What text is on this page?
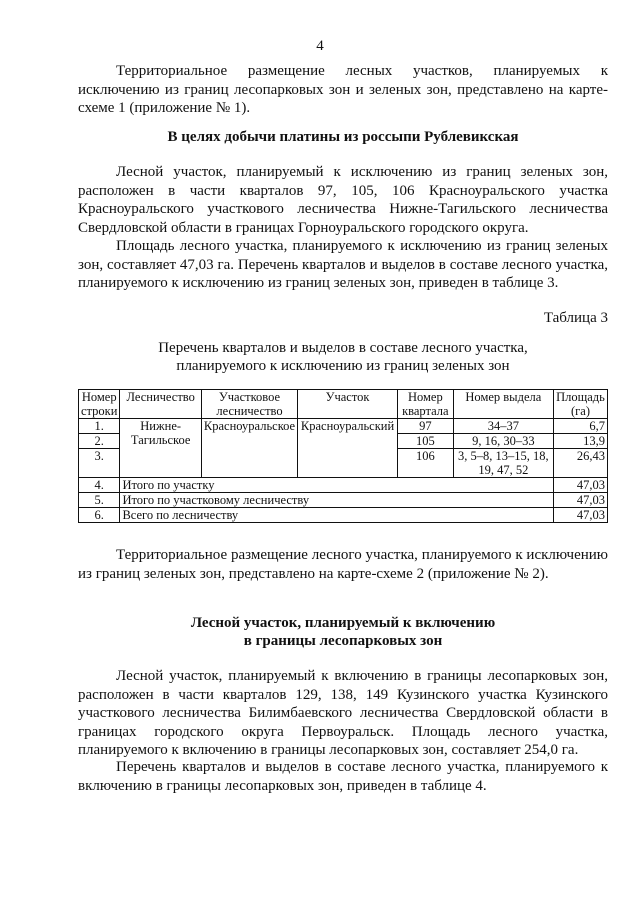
4
Территориальное размещение лесных участков, планируемых к исключению из границ лесопарковых зон и зеленых зон, представлено на карте-схеме 1 (приложение № 1).
В целях добычи платины из россыпи Рублевикская
Лесной участок, планируемый к исключению из границ зеленых зон, расположен в части кварталов 97, 105, 106 Красноуральского участка Красноуральского участкового лесничества Нижне-Тагильского лесничества Свердловской области в границах Горноуральского городского округа.
Площадь лесного участка, планируемого к исключению из границ зеленых зон, составляет 47,03 га. Перечень кварталов и выделов в составе лесного участка, планируемого к исключению из границ зеленых зон, приведен в таблице 3.
Таблица 3
Перечень кварталов и выделов в составе лесного участка,
планируемого к исключению из границ зеленых зон
Номер строки	Лесничество	Участковое лесничество	Участок	Номер квартала	Номер выдела	Площадь (га)
1.	Нижне-Тагильское	Красноуральское	Красноуральский	97	34–37	6,7
2.				105	9, 16, 30–33	13,9
3.				106	3, 5–8, 13–15, 18, 19, 47, 52	26,43
4.	Итого по участку					47,03
5.	Итого по участковому лесничеству					47,03
6.	Всего по лесничеству					47,03
Территориальное размещение лесного участка, планируемого к исключению из границ зеленых зон, представлено на карте-схеме 2 (приложение № 2).
Лесной участок, планируемый к включению
в границы лесопарковых зон
Лесной участок, планируемый к включению в границы лесопарковых зон, расположен в части кварталов 129, 138, 149 Кузинского участка Кузинского участкового лесничества Билимбаевского лесничества Свердловской области в границах городского округа Первоуральск. Площадь лесного участка, планируемого к включению в границы лесопарковых зон, составляет 254,0 га.
Перечень кварталов и выделов в составе лесного участка, планируемого к включению в границы лесопарковых зон, приведен в таблице 4.
